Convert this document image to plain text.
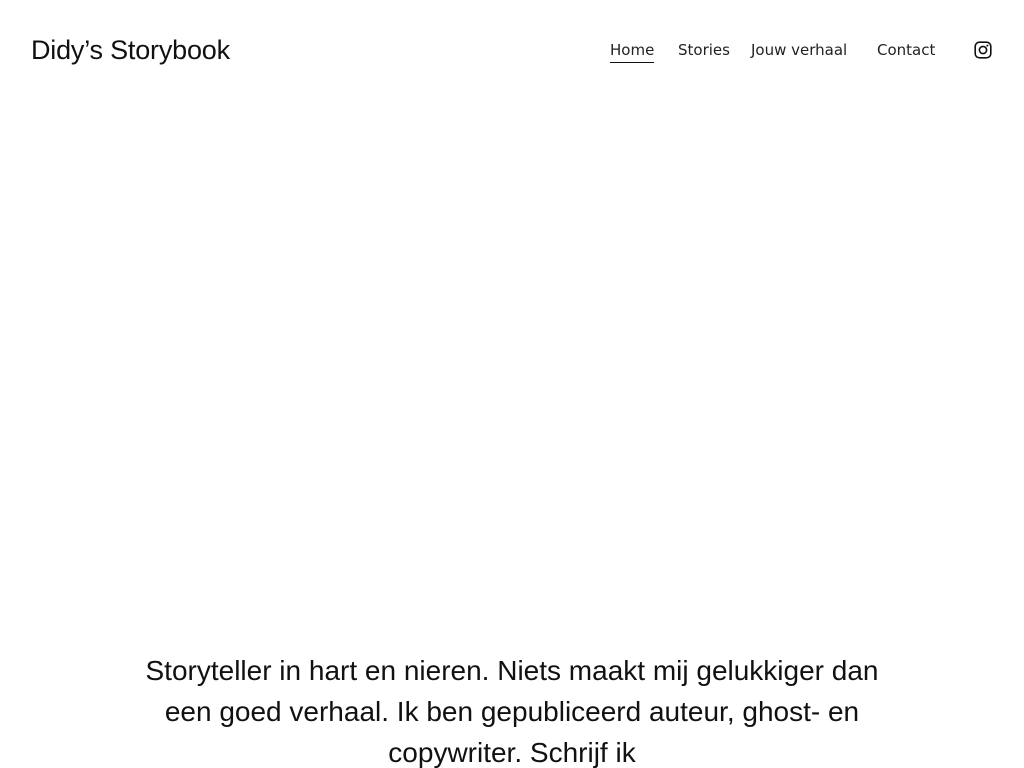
Didy’s Storybook	Home Stories Jouw verhaal Contact

Storyteller in hart en nieren. Niets maakt mij gelukkiger dan een goed verhaal. Ik ben gepubliceerd auteur, ghost- en copywriter. Schrijf ik
